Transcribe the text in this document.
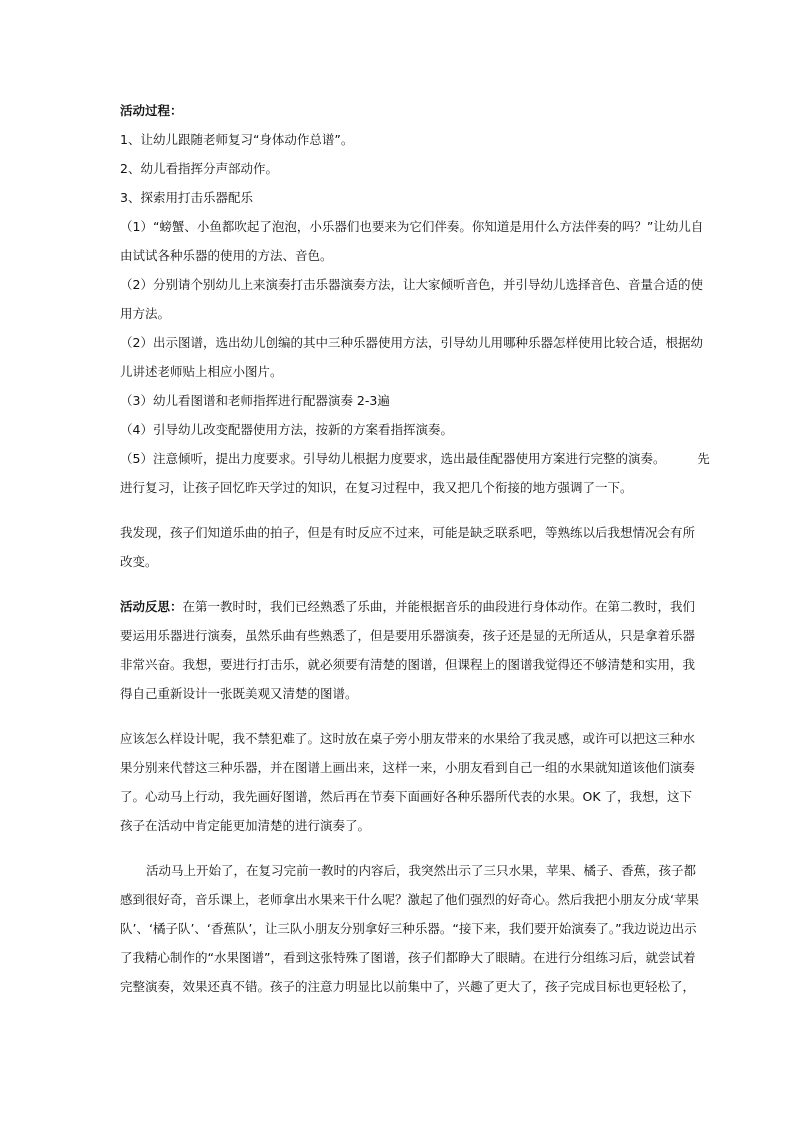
活动过程：
1、让幼儿跟随老师复习“身体动作总谱”。
2、幼儿看指挥分声部动作。
3、探索用打击乐器配乐
（1）“螃蟹、小鱼都吹起了泡泡，小乐器们也要来为它们伴奏。你知道是用什么方法伴奏的吗？”让幼儿自
由试试各种乐器的使用的方法、音色。
（2）分别请个别幼儿上来演奏打击乐器演奏方法，让大家倾听音色，并引导幼儿选择音色、音量合适的使
用方法。
（2）出示图谱，选出幼儿创编的其中三种乐器使用方法，引导幼儿用哪种乐器怎样使用比较合适，根据幼
儿讲述老师贴上相应小图片。
（3）幼儿看图谱和老师指挥进行配器演奏 2-3遍
（4）引导幼儿改变配器使用方法，按新的方案看指挥演奏。
（5）注意倾听，提出力度要求。引导幼儿根据力度要求，选出最佳配器使用方案进行完整的演奏。        先
进行复习，让孩子回忆昨天学过的知识，在复习过程中，我又把几个衔接的地方强调了一下。
我发现，孩子们知道乐曲的拍子，但是有时反应不过来，可能是缺乏联系吧，等熟练以后我想情况会有所
改变。
活动反思：在第一教时时，我们已经熟悉了乐曲，并能根据音乐的曲段进行身体动作。在第二教时，我们
要运用乐器进行演奏，虽然乐曲有些熟悉了，但是要用乐器演奏，孩子还是显的无所适从，只是拿着乐器
非常兴奋。我想，要进行打击乐，就必须要有清楚的图谱，但课程上的图谱我觉得还不够清楚和实用，我
得自己重新设计一张既美观又清楚的图谱。
应该怎么样设计呢，我不禁犯难了。这时放在桌子旁小朋友带来的水果给了我灵感，或许可以把这三种水
果分别来代替这三种乐器，并在图谱上画出来，这样一来，小朋友看到自己一组的水果就知道该他们演奏
了。心动马上行动，我先画好图谱，然后再在节奏下面画好各种乐器所代表的水果。OK 了，我想，这下
孩子在活动中肯定能更加清楚的进行演奏了。
活动马上开始了，在复习完前一教时的内容后，我突然出示了三只水果，苹果、橘子、香蕉，孩子都
感到很好奇，音乐课上，老师拿出水果来干什么呢？激起了他们强烈的好奇心。然后我把小朋友分成‘苹果
队’、‘橘子队’、‘香蕉队’，让三队小朋友分别拿好三种乐器。“接下来，我们要开始演奏了。”我边说边出示
了我精心制作的“水果图谱”，看到这张特殊了图谱，孩子们都睁大了眼睛。在进行分组练习后，就尝试着
完整演奏，效果还真不错。孩子的注意力明显比以前集中了，兴趣了更大了，孩子完成目标也更轻松了，
